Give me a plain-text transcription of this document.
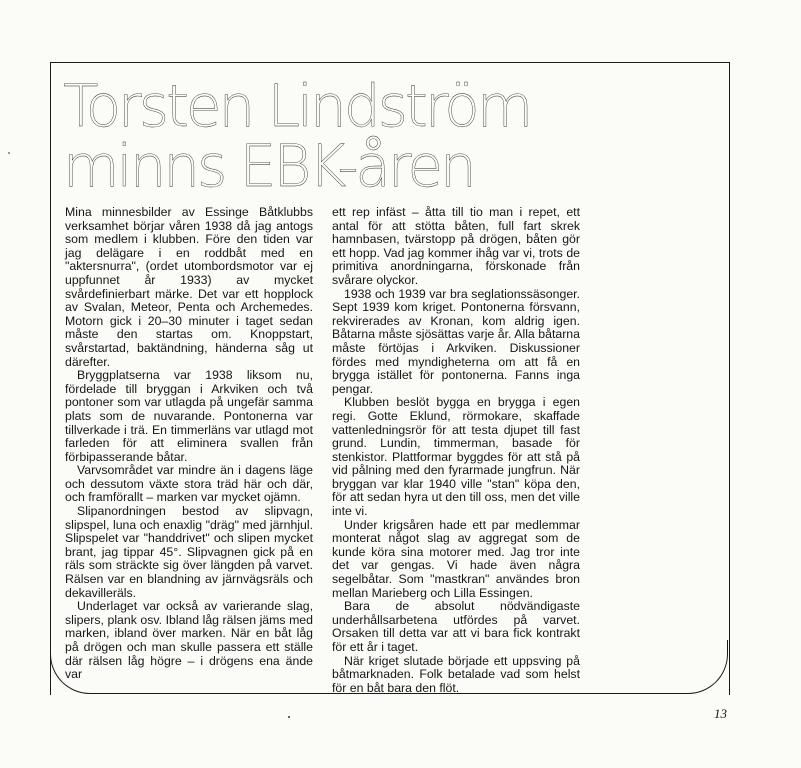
Torsten Lindström
minns EBK-åren

Mina minnesbilder av Essinge Båtklubbs verksamhet börjar våren 1938 då jag antogs som medlem i klubben. Före den tiden var jag delägare i en roddbåt med en "aktersnurra", (ordet utombordsmotor var ej uppfunnet år 1933) av mycket svårdefinierbart märke. Det var ett hopplock av Svalan, Meteor, Penta och Archemedes. Motorn gick i 20–30 minuter i taget sedan måste den startas om. Knoppstart, svårstartad, baktändning, händerna såg ut därefter.

Bryggplatserna var 1938 liksom nu, fördelade till bryggan i Arkviken och två pontoner som var utlagda på ungefär samma plats som de nuvarande. Pontonerna var tillverkade i trä. En timmerläns var utlagd mot farleden för att eliminera svallen från förbipasserande båtar.

Varvsområdet var mindre än i dagens läge och dessutom växte stora träd här och där, och framförallt – marken var mycket ojämn.

Slipanordningen bestod av slipvagn, slipspel, luna och enaxlig "dräg" med järnhjul. Slipspelet var "handdrivet" och slipen mycket brant, jag tippar 45°. Slipvagnen gick på en räls som sträckte sig över längden på varvet. Rälsen var en blandning av järnvägsräls och dekavilleräls.

Underlaget var också av varierande slag, slipers, plank osv. Ibland låg rälsen jäms med marken, ibland över marken. När en båt låg på drögen och man skulle passera ett ställe där rälsen låg högre – i drögens ena ände var

ett rep infäst – åtta till tio man i repet, ett antal för att stötta båten, full fart skrek hamnbasen, tvärstopp på drögen, båten gör ett hopp. Vad jag kommer ihåg var vi, trots de primitiva anordningarna, förskonade från svårare olyckor.

1938 och 1939 var bra seglationssäsonger. Sept 1939 kom kriget. Pontonerna försvann, rekvirerades av Kronan, kom aldrig igen. Båtarna måste sjösättas varje år. Alla båtarna måste förtöjas i Arkviken. Diskussioner fördes med myndigheterna om att få en brygga istället för pontonerna. Fanns inga pengar.

Klubben beslöt bygga en brygga i egen regi. Gotte Eklund, rörmokare, skaffade vattenledningsrör för att testa djupet till fast grund. Lundin, timmerman, basade för stenkistor. Plattformar byggdes för att stå på vid pålning med den fyrarmade jungfrun. När bryggan var klar 1940 ville "stan" köpa den, för att sedan hyra ut den till oss, men det ville inte vi.

Under krigsåren hade ett par medlemmar monterat något slag av aggregat som de kunde köra sina motorer med. Jag tror inte det var gengas. Vi hade även några segelbåtar. Som "mastkran" användes bron mellan Marieberg och Lilla Essingen.

Bara de absolut nödvändigaste underhållsarbetena utfördes på varvet. Orsaken till detta var att vi bara fick kontrakt för ett år i taget.

När kriget slutade började ett uppsving på båtmarknaden. Folk betalade vad som helst för en båt bara den flöt.

13
